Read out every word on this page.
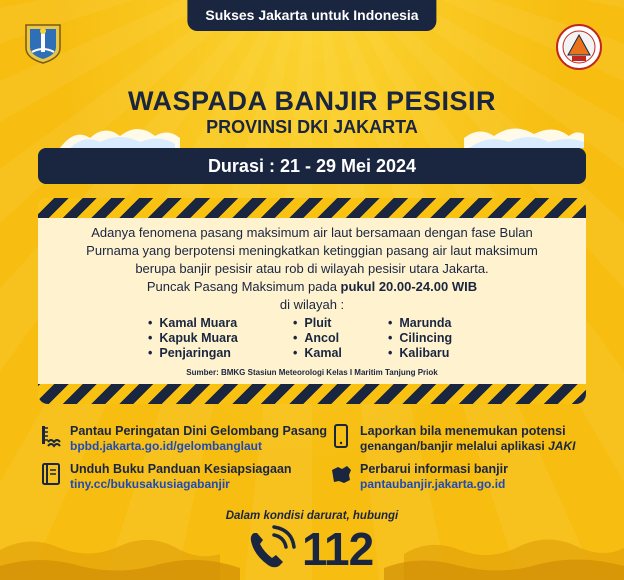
Sukses Jakarta untuk Indonesia
WASPADA BANJIR PESISIR
PROVINSI DKI JAKARTA
Durasi : 21 - 29 Mei 2024
Adanya fenomena pasang maksimum air laut bersamaan dengan fase Bulan
Purnama yang berpotensi meningkatkan ketinggian pasang air laut maksimum
berupa banjir pesisir atau rob di wilayah pesisir utara Jakarta.
Puncak Pasang Maksimum pada pukul 20.00-24.00 WIB
di wilayah :
• Kamal Muara	• Pluit	• Marunda
• Kapuk Muara	• Ancol	• Cilincing
• Penjaringan	• Kamal	• Kalibaru
Sumber: BMKG Stasiun Meteorologi Kelas I Maritim Tanjung Priok
Pantau Peringatan Dini Gelombang Pasang
bpbd.jakarta.go.id/gelombanglaut
Laporkan bila menemukan potensi
genangan/banjir melalui aplikasi JAKI
Unduh Buku Panduan Kesiapsiagaan
tiny.cc/bukusakusiagabanjir
Perbarui informasi banjir
pantaubanjir.jakarta.go.id
Dalam kondisi darurat, hubungi
112
